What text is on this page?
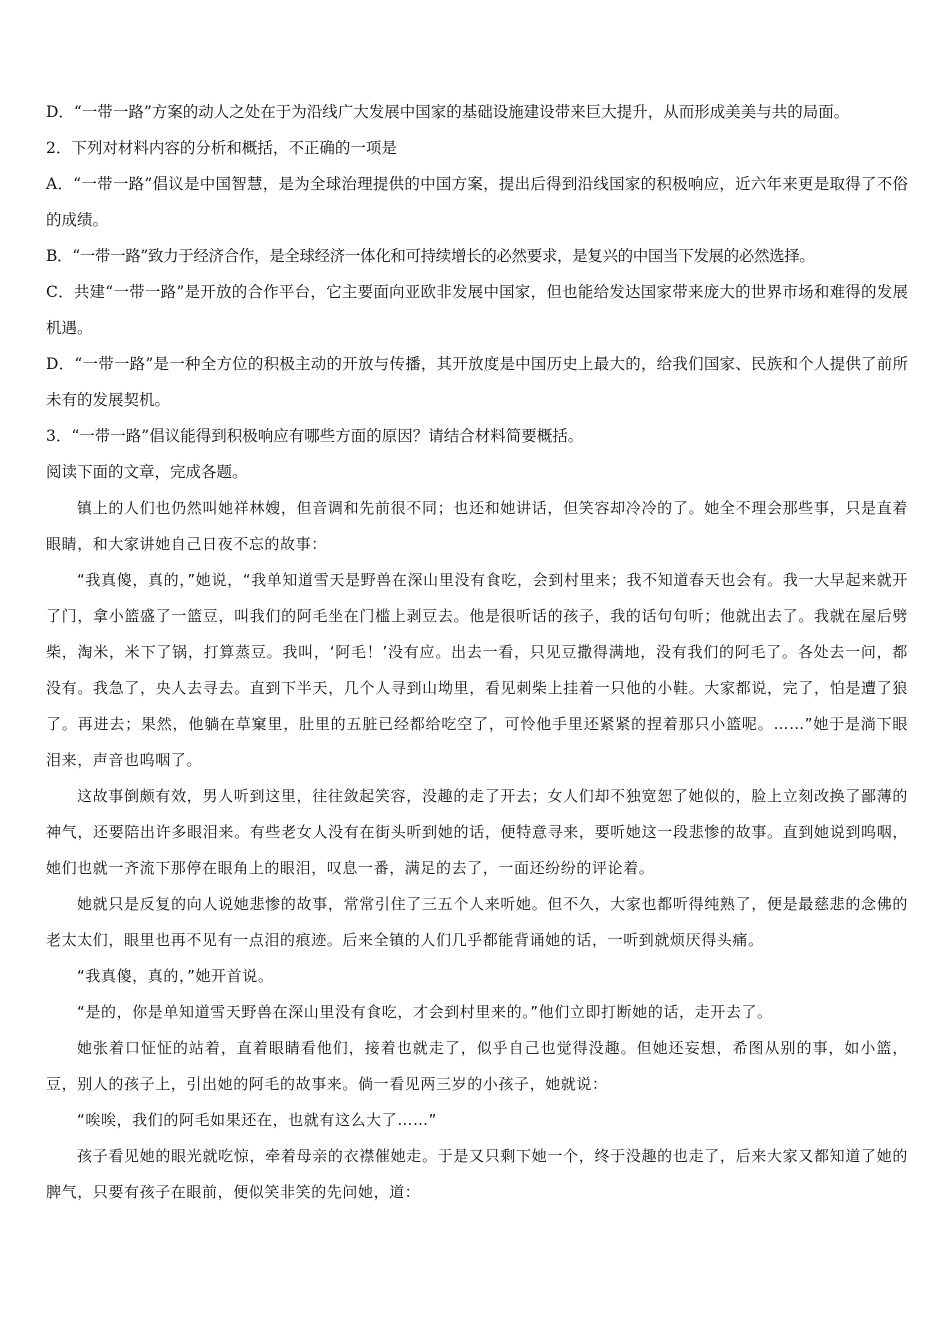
D．“一带一路”方案的动人之处在于为沿线广大发展中国家的基础设施建设带来巨大提升，从而形成美美与共的局面。

2．下列对材料内容的分析和概括，不正确的一项是

A．“一带一路”倡议是中国智慧，是为全球治理提供的中国方案，提出后得到沿线国家的积极响应，近六年来更是取得了不俗的成绩。

B．“一带一路”致力于经济合作，是全球经济一体化和可持续增长的必然要求，是复兴的中国当下发展的必然选择。

C．共建“一带一路”是开放的合作平台，它主要面向亚欧非发展中国家，但也能给发达国家带来庞大的世界市场和难得的发展机遇。

D．“一带一路”是一种全方位的积极主动的开放与传播，其开放度是中国历史上最大的，给我们国家、民族和个人提供了前所未有的发展契机。

3．“一带一路”倡议能得到积极响应有哪些方面的原因？请结合材料简要概括。

阅读下面的文章，完成各题。

镇上的人们也仍然叫她祥林嫂，但音调和先前很不同；也还和她讲话，但笑容却冷冷的了。她全不理会那些事，只是直着眼睛，和大家讲她自己日夜不忘的故事：

“我真傻，真的，”她说，“我单知道雪天是野兽在深山里没有食吃，会到村里来；我不知道春天也会有。我一大早起来就开了门，拿小篮盛了一篮豆，叫我们的阿毛坐在门槛上剥豆去。他是很听话的孩子，我的话句句听；他就出去了。我就在屋后劈柴，淘米，米下了锅，打算蒸豆。我叫，‘阿毛！’没有应。出去一看，只见豆撒得满地，没有我们的阿毛了。各处去一问，都没有。我急了，央人去寻去。直到下半天，几个人寻到山坳里，看见刺柴上挂着一只他的小鞋。大家都说，完了，怕是遭了狼了。再进去；果然，他躺在草窠里，肚里的五脏已经都给吃空了，可怜他手里还紧紧的捏着那只小篮呢。……”她于是淌下眼泪来，声音也呜咽了。

这故事倒颇有效，男人听到这里，往往敛起笑容，没趣的走了开去；女人们却不独宽恕了她似的，脸上立刻改换了鄙薄的神气，还要陪出许多眼泪来。有些老女人没有在街头听到她的话，便特意寻来，要听她这一段悲惨的故事。直到她说到呜咽，她们也就一齐流下那停在眼角上的眼泪，叹息一番，满足的去了，一面还纷纷的评论着。

她就只是反复的向人说她悲惨的故事，常常引住了三五个人来听她。但不久，大家也都听得纯熟了，便是最慈悲的念佛的老太太们，眼里也再不见有一点泪的痕迹。后来全镇的人们几乎都能背诵她的话，一听到就烦厌得头痛。

“我真傻，真的，”她开首说。

“是的，你是单知道雪天野兽在深山里没有食吃，才会到村里来的。”他们立即打断她的话，走开去了。

她张着口怔怔的站着，直着眼睛看他们，接着也就走了，似乎自己也觉得没趣。但她还妄想，希图从别的事，如小篮，豆，别人的孩子上，引出她的阿毛的故事来。倘一看见两三岁的小孩子，她就说：

“唉唉，我们的阿毛如果还在，也就有这么大了……”

孩子看见她的眼光就吃惊，牵着母亲的衣襟催她走。于是又只剩下她一个，终于没趣的也走了，后来大家又都知道了她的脾气，只要有孩子在眼前，便似笑非笑的先问她，道：
